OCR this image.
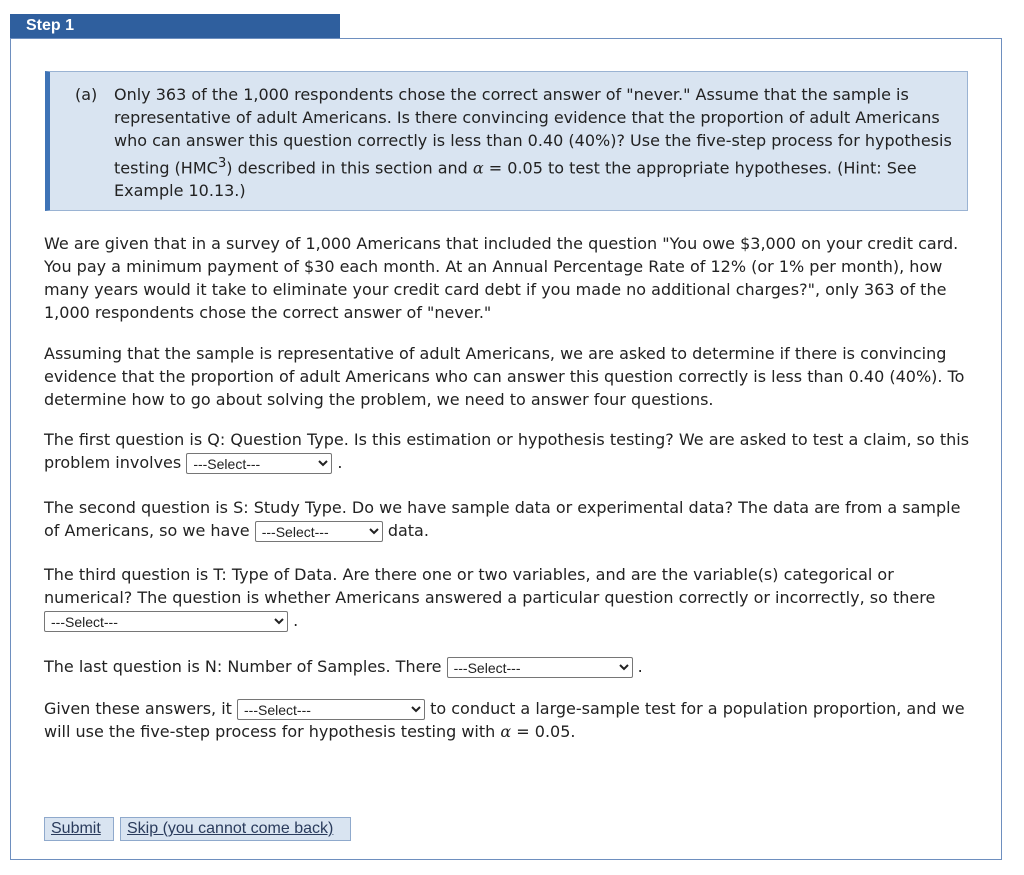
Step 1
(a) Only 363 of the 1,000 respondents chose the correct answer of "never." Assume that the sample is representative of adult Americans. Is there convincing evidence that the proportion of adult Americans who can answer this question correctly is less than 0.40 (40%)? Use the five-step process for hypothesis testing (HMC$^3$) described in this section and α = 0.05 to test the appropriate hypotheses. (Hint: See Example 10.13.)

We are given that in a survey of 1,000 Americans that included the question "You owe $3,000 on your credit card. You pay a minimum payment of $30 each month. At an Annual Percentage Rate of 12% (or 1% per month), how many years would it take to eliminate your credit card debt if you made no additional charges?", only 363 of the 1,000 respondents chose the correct answer of "never."

Assuming that the sample is representative of adult Americans, we are asked to determine if there is convincing evidence that the proportion of adult Americans who can answer this question correctly is less than 0.40 (40%). To determine how to go about solving the problem, we need to answer four questions.

The first question is Q: Question Type. Is this estimation or hypothesis testing? We are asked to test a claim, so this problem involves
---Select---	.

The second question is S: Study Type. Do we have sample data or experimental data? The data are from a sample of Americans, so we have
---Select---	data.

The third question is T: Type of Data. Are there one or two variables, and are the variable(s) categorical or numerical? The question is whether Americans answered a particular question correctly or incorrectly, so there
---Select--- .

The last question is N: Number of Samples. There
---Select---	.

Given these answers, it
---Select---	to conduct a large-sample test for a population proportion, and we will use the five-step process for hypothesis testing with α = 0.05.

Submit	Skip (you cannot come back)
